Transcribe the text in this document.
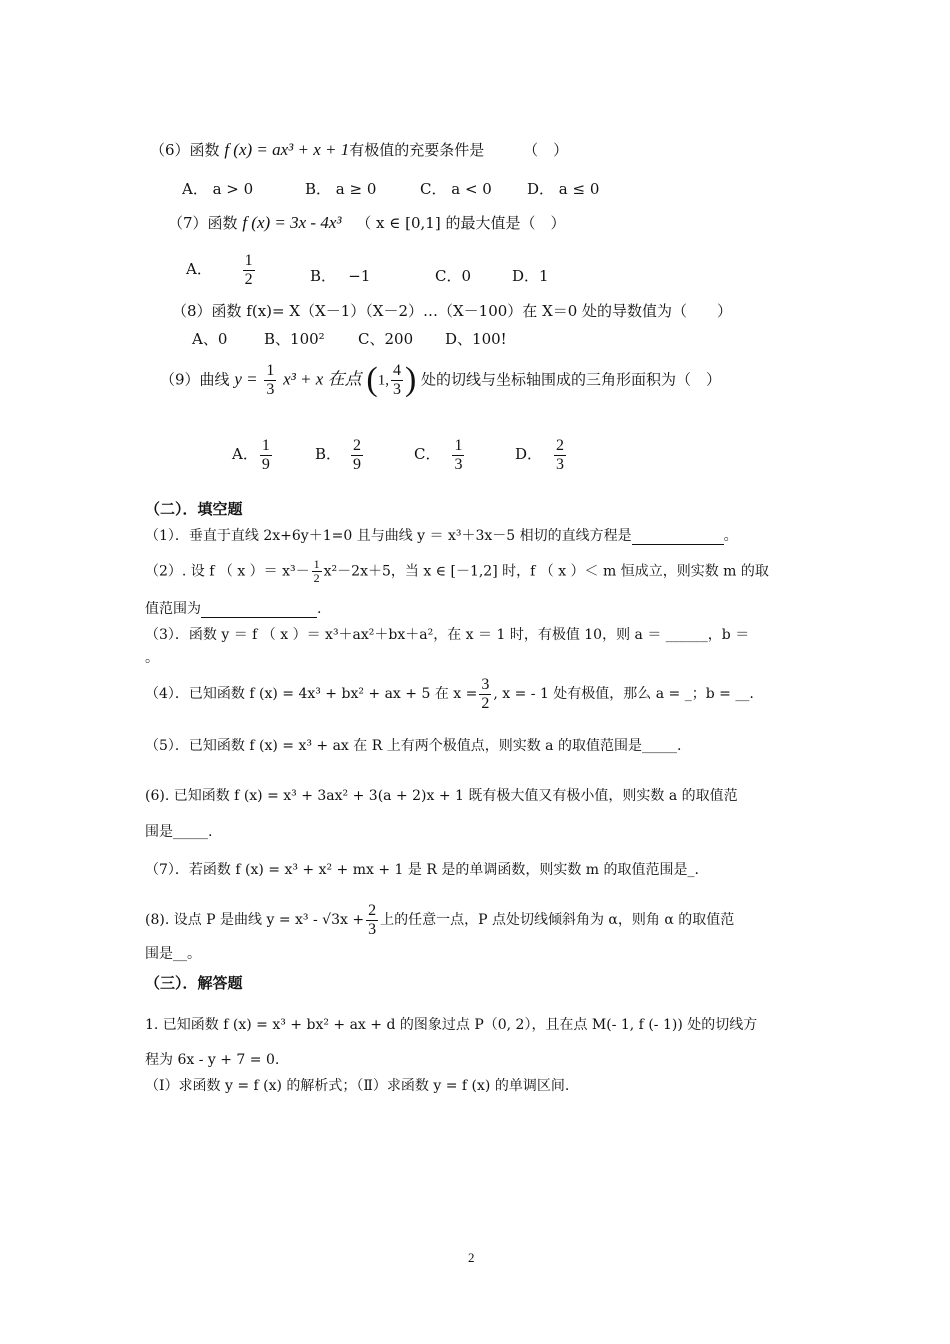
（6）函数 f (x) = ax³ + x + 1有极值的充要条件是	（　）
A． a > 0	B． a ≥ 0	C． a < 0 D． a ≤ 0
（7）函数 f (x) = 3x - 4x³ （ x ∈ [0,1] 的最大值是（　）
A． $\frac{1}{2}$	B．　 −1	C．0	D．1
（8）函数 f(x)= X（X－1）（X－2）…（X－100）在 X＝0 处的导数值为（　　）
A、0 B、100² C、200 D、100!
（9）曲线 $y = \frac{1}{3} x^3 + x$ 在点 (1, $\frac{4}{3}$ ) 处的切线与坐标轴围成的三角形面积为（　）
A． $\frac{1}{9}$	B． $\frac{2}{9}$	C． $\frac{1}{3}$	D． $\frac{2}{3}$
（二）．填空题
（1）．垂直于直线 2x+6y＋1=0 且与曲线 y ＝ x³＋3x－5 相切的直线方程是	。
（2）. 设 f （ x ）＝ $x^3- \frac{1}{2} x^2-2x+5$，当 x ∈ [－1,2] 时，f （ x ）＜ m 恒成立，则实数 m 的取
值范围为	.
（3）．函数 y ＝ f （ x ）＝ x³＋ax²＋bx＋a²，在 x ＝ 1 时，有极值 10，则 a ＝ ______，b ＝
。
（4）．已知函数 f (x) = 4x³ + bx² + ax + 5 在 $x = \frac{3}{2}$ , x = - 1 处有极值，那么 a = _；b = __.
（5）．已知函数 f (x) = x³ + ax 在 R 上有两个极值点，则实数 a 的取值范围是_____.
(6). 已知函数 f (x) = x³ + 3ax² + 3(a + 2)x + 1 既有极大值又有极小值，则实数 a 的取值范
围是_____.
（7）．若函数 f (x) = x³ + x² + mx + 1 是 R 是的单调函数，则实数 m 的取值范围是_.
(8). 设点 P 是曲线 $y = x^3 - √3x + \frac{2}{3}$ 上的任意一点，P 点处切线倾斜角为 α，则角 α 的取值范
围是__。
（三）．解答题
1. 已知函数 f (x) = x³ + bx² + ax + d 的图象过点 P（0, 2），且在点 M(- 1, f (- 1)) 处的切线方
程为 6x - y + 7 = 0.
（Ⅰ）求函数 y = f (x) 的解析式；（Ⅱ）求函数 y = f (x) 的单调区间.
2
